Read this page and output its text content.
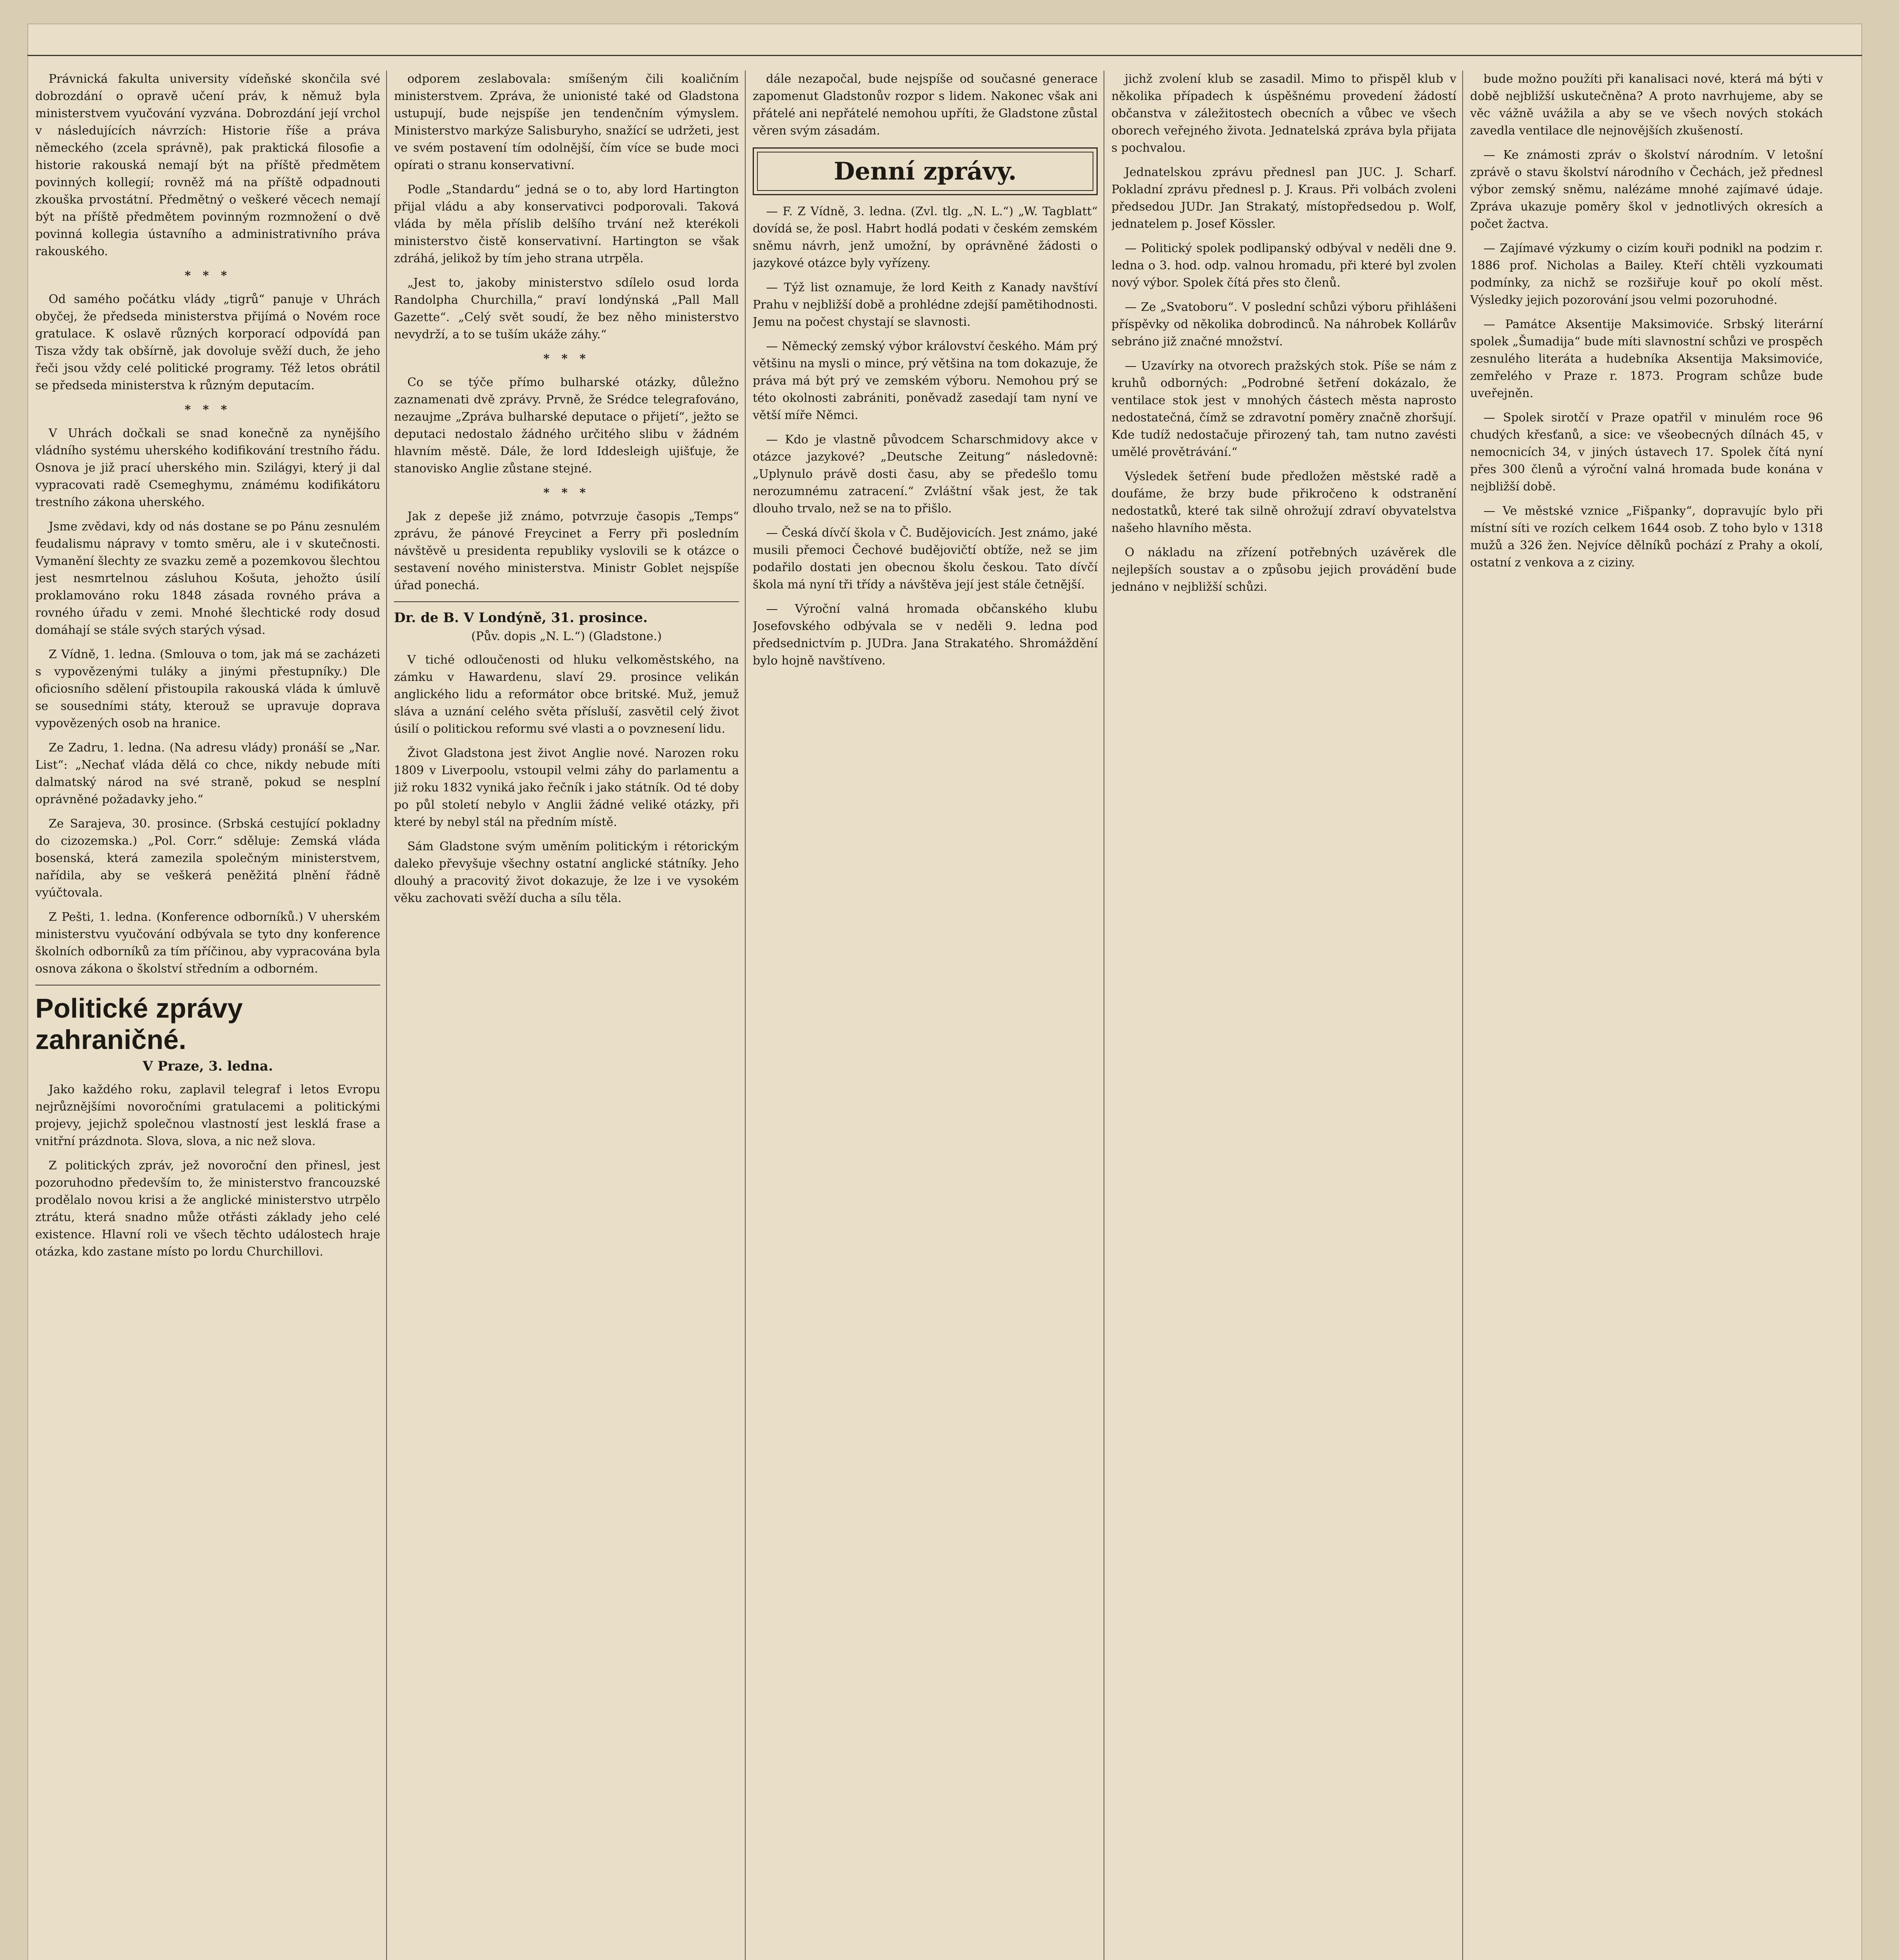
Právnická fakulta university vídeňské skončila své dobrozdání o opravě učení práv, k němuž byla ministerstvem vyučování vyzvána. Dobrozdání její vrchol v následujících návrzích: Historie říše a práva německého (zcela správně), pak praktická filosofie a historie rakouská nemají být na příště předmětem povinných kollegií; rovněž má na příště odpadnouti zkouška prvostátní. Předmětný o veškeré věcech nemají být na příště předmětem povinným rozmnožení o dvě povinná kollegia ústavního a administrativního práva rakouského.

* * *

Od samého počátku vlády „tigrů“ panuje v Uhrách obyčej, že předseda ministerstva přijímá o Novém roce gratulace. K oslavě různých korporací odpovídá pan Tisza vždy tak obšírně, jak dovoluje svěží duch, že jeho řeči jsou vždy celé politické programy. Též letos obrátil se předseda ministerstva k různým deputacím.

* * *

V Uhrách dočkali se snad konečně za nynějšího vládního systému uherského kodifikování trestního řádu. Osnova je již prací uherského min. Szilágyi, který ji dal vypracovati radě Csemeghymu, známému kodifikátoru trestního zákona uherského.

Jsme zvědavi, kdy od nás dostane se po Pánu zesnulém feudalismu nápravy v tomto směru, ale i v skutečnosti. Vymanění šlechty ze svazku země a pozemkovou šlechtou jest nesmrtelnou zásluhou Košuta, jehožto úsilí proklamováno roku 1848 zásada rovného práva a rovného úřadu v zemi. Mnohé šlechtické rody dosud domáhají se stále svých starých výsad.

Z Vídně, 1. ledna. (Smlouva o tom, jak má se zacházeti s vypovězenými tuláky a jinými přestupníky.) Dle oficiosního sdělení přistoupila rakouská vláda k úmluvě se sousedními státy, kterouž se upravuje doprava vypovězených osob na hranice.

Ze Zadru, 1. ledna. (Na adresu vlády) pronáší se „Nar. List“: „Nechať vláda dělá co chce, nikdy nebude míti dalmatský národ na své straně, pokud se nesplní oprávněné požadavky jeho.“

Ze Sarajeva, 30. prosince. (Srbská cestující pokladny do cizozemska.) „Pol. Corr.“ sděluje: Zemská vláda bosenská, která zamezila společným ministerstvem, nařídila, aby se veškerá peněžitá plnění řádně vyúčtovala.

Z Pešti, 1. ledna. (Konference odborníků.) V uherském ministerstvu vyučování odbývala se tyto dny konference školních odborníků za tím příčinou, aby vypracována byla osnova zákona o školství středním a odborném.

Politické zprávy zahraničné.
V Praze, 3. ledna.

Jako každého roku, zaplavil telegraf i letos Evropu nejrůznějšími novoročními gratulacemi a politickými projevy, jejichž společnou vlastností jest lesklá frase a vnitřní prázdnota. Slova, slova, a nic než slova.

Z politických zpráv, jež novoroční den přinesl, jest pozoruhodno především to, že ministerstvo francouzské prodělalo novou krisi a že anglické ministerstvo utrpělo ztrátu, která snadno může otřásti základy jeho celé existence. Hlavní roli ve všech těchto událostech hraje otázka, kdo zastane místo po lordu Churchillovi.

odporem zeslabovala: smíšeným čili koaličním ministerstvem. Zpráva, že unionisté také od Gladstona ustupují, bude nejspíše jen tendenčním výmyslem. Ministerstvo markýze Salisburyho, snažící se udržeti, jest ve svém postavení tím odolnější, čím více se bude moci opírati o stranu konservativní.

Podle „Standardu“ jedná se o to, aby lord Hartington přijal vládu a aby konservativci podporovali. Taková vláda by měla příslib delšího trvání než kterékoli ministerstvo čistě konservativní. Hartington se však zdráhá, jelikož by tím jeho strana utrpěla.

„Jest to, jakoby ministerstvo sdílelo osud lorda Randolpha Churchilla,“ praví londýnská „Pall Mall Gazette“. „Celý svět soudí, že bez něho ministerstvo nevydrží, a to se tuším ukáže záhy.“

* * *

Co se týče přímo bulharské otázky, důležno zaznamenati dvě zprávy. Prvně, že Srédce telegrafováno, nezaujme „Zpráva bulharské deputace o přijetí“, ježto se deputaci nedostalo žádného určitého slibu v žádném hlavním městě. Dále, že lord Iddesleigh ujišťuje, že stanovisko Anglie zůstane stejné.

* * *

Jak z depeše již známo, potvrzuje časopis „Temps“ zprávu, že pánové Freycinet a Ferry při posledním návštěvě u presidenta republiky vyslovili se k otázce o sestavení nového ministerstva. Ministr Goblet nejspíše úřad ponechá.

Dr. de B. V Londýně, 31. prosince.
(Pův. dopis „N. L.“) (Gladstone.)

V tiché odloučenosti od hluku velkoměstského, na zámku v Hawardenu, slaví 29. prosince velikán anglického lidu a reformátor obce britské. Muž, jemuž sláva a uznání celého světa přísluší, zasvětil celý život úsilí o politickou reformu své vlasti a o povznesení lidu.

Život Gladstona jest život Anglie nové. Narozen roku 1809 v Liverpoolu, vstoupil velmi záhy do parlamentu a již roku 1832 vyniká jako řečník i jako státník. Od té doby po půl století nebylo v Anglii žádné veliké otázky, při které by nebyl stál na předním místě.

Sám Gladstone svým uměním politickým i rétorickým daleko převyšuje všechny ostatní anglické státníky. Jeho dlouhý a pracovitý život dokazuje, že lze i ve vysokém věku zachovati svěží ducha a sílu těla.

dále nezapočal, bude nejspíše od současné generace zapomenut Gladstonův rozpor s lidem. Nakonec však ani přátelé ani nepřátelé nemohou upříti, že Gladstone zůstal věren svým zásadám.

Denní zprávy.

— F. Z Vídně, 3. ledna. (Zvl. tlg. „N. L.“) „W. Tagblatt“ dovídá se, že posl. Habrt hodlá podati v českém zemském sněmu návrh, jenž umožní, by oprávněné žádosti o jazykové otázce byly vyřízeny.

— Týž list oznamuje, že lord Keith z Kanady navštíví Prahu v nejbližší době a prohlédne zdejší pamětihodnosti. Jemu na počest chystají se slavnosti.

— Německý zemský výbor království českého. Mám prý většinu na mysli o mince, prý většina na tom dokazuje, že práva má být prý ve zemském výboru. Nemohou prý se této okolnosti zabrániti, poněvadž zasedají tam nyní ve větší míře Němci.

— Kdo je vlastně původcem Scharschmidovy akce v otázce jazykové? „Deutsche Zeitung“ následovně: „Uplynulo právě dosti času, aby se předešlo tomu nerozumnému zatracení.“ Zvláštní však jest, že tak dlouho trvalo, než se na to přišlo.

— Česká dívčí škola v Č. Budějovicích. Jest známo, jaké musili přemoci Čechové budějovičtí obtíže, než se jim podařilo dostati jen obecnou školu českou. Tato dívčí škola má nyní tři třídy a návštěva její jest stále četnější.

— Výroční valná hromada občanského klubu Josefovského odbývala se v neděli 9. ledna pod předsednictvím p. JUDra. Jana Strakatého. Shromáždění bylo hojně navštíveno.

jichž zvolení klub se zasadil. Mimo to přispěl klub v několika případech k úspěšnému provedení žádostí občanstva v záležitostech obecních a vůbec ve všech oborech veřejného života. Jednatelská zpráva byla přijata s pochvalou.

Jednatelskou zprávu přednesl pan JUC. J. Scharf. Pokladní zprávu přednesl p. J. Kraus. Při volbách zvoleni předsedou JUDr. Jan Strakatý, místopředsedou p. Wolf, jednatelem p. Josef Kössler.

— Politický spolek podlipanský odbýval v neděli dne 9. ledna o 3. hod. odp. valnou hromadu, při které byl zvolen nový výbor. Spolek čítá přes sto členů.

— Ze „Svatoboru“. V poslední schůzi výboru přihlášeni příspěvky od několika dobrodinců. Na náhrobek Kollárův sebráno již značné množství.

— Uzavírky na otvorech pražských stok. Píše se nám z kruhů odborných: „Podrobné šetření dokázalo, že ventilace stok jest v mnohých částech města naprosto nedostatečná, čímž se zdravotní poměry značně zhoršují. Kde tudíž nedostačuje přirozený tah, tam nutno zavésti umělé provětrávání.“

Výsledek šetření bude předložen městské radě a doufáme, že brzy bude přikročeno k odstranění nedostatků, které tak silně ohrožují zdraví obyvatelstva našeho hlavního města.

O nákladu na zřízení potřebných uzávěrek dle nejlepších soustav a o způsobu jejich provádění bude jednáno v nejbližší schůzi.

bude možno použíti při kanalisaci nové, která má býti v době nejbližší uskutečněna? A proto navrhujeme, aby se věc vážně uvážila a aby se ve všech nových stokách zavedla ventilace dle nejnovějších zkušeností.

— Ke známosti zpráv o školství národním. V letošní zprávě o stavu školství národního v Čechách, jež přednesl výbor zemský sněmu, nalézáme mnohé zajímavé údaje. Zpráva ukazuje poměry škol v jednotlivých okresích a počet žactva.

— Zajímavé výzkumy o cizím kouři podnikl na podzim r. 1886 prof. Nicholas a Bailey. Kteří chtěli vyzkoumati podmínky, za nichž se rozšiřuje kouř po okolí měst. Výsledky jejich pozorování jsou velmi pozoruhodné.

— Památce Aksentije Maksimoviće. Srbský literární spolek „Šumadija“ bude míti slavnostní schůzi ve prospěch zesnulého literáta a hudebníka Aksentija Maksimoviće, zemřelého v Praze r. 1873. Program schůze bude uveřejněn.

— Spolek sirotčí v Praze opatřil v minulém roce 96 chudých křesťanů, a sice: ve všeobecných dílnách 45, v nemocnicích 34, v jiných ústavech 17. Spolek čítá nyní přes 300 členů a výroční valná hromada bude konána v nejbližší době.

— Ve městské vznice „Fišpanky“, dopravujíc bylo při místní síti ve rozích celkem 1644 osob. Z toho bylo v 1318 mužů a 326 žen. Nejvíce dělníků pochází z Prahy a okolí, ostatní z venkova a z ciziny.
